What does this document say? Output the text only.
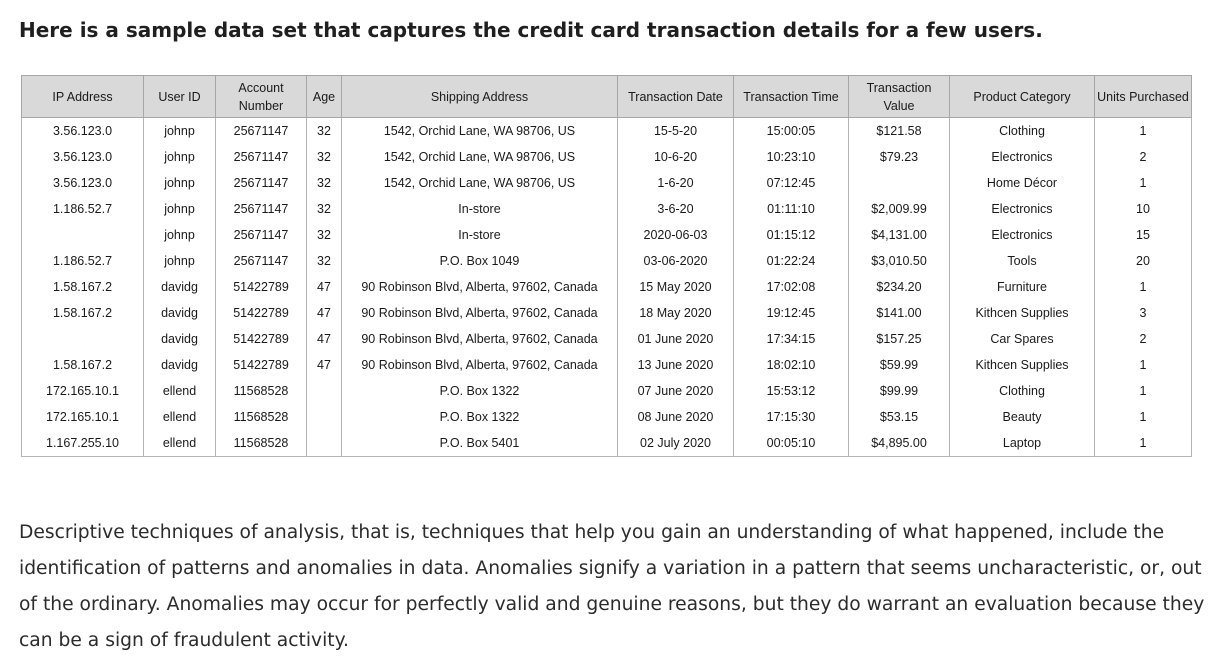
Here is a sample data set that captures the credit card transaction details for a few users.
IP Address	User ID	Account Number	Age	Shipping Address	Transaction Date	Transaction Time	Transaction Value	Product Category	Units Purchased
3.56.123.0	johnp	25671147	32	1542, Orchid Lane, WA 98706, US	15-5-20	15:00:05	$121.58	Clothing	1
3.56.123.0	johnp	25671147	32	1542, Orchid Lane, WA 98706, US	10-6-20	10:23:10	$79.23	Electronics	2
3.56.123.0	johnp	25671147	32	1542, Orchid Lane, WA 98706, US	1-6-20	07:12:45		Home Décor	1
1.186.52.7	johnp	25671147	32	In-store	3-6-20	01:11:10	$2,009.99	Electronics	10
	johnp	25671147	32	In-store	2020-06-03	01:15:12	$4,131.00	Electronics	15
1.186.52.7	johnp	25671147	32	P.O. Box 1049	03-06-2020	01:22:24	$3,010.50	Tools	20
1.58.167.2	davidg	51422789	47	90 Robinson Blvd, Alberta, 97602, Canada	15 May 2020	17:02:08	$234.20	Furniture	1
1.58.167.2	davidg	51422789	47	90 Robinson Blvd, Alberta, 97602, Canada	18 May 2020	19:12:45	$141.00	Kithcen Supplies	3
	davidg	51422789	47	90 Robinson Blvd, Alberta, 97602, Canada	01 June 2020	17:34:15	$157.25	Car Spares	2
1.58.167.2	davidg	51422789	47	90 Robinson Blvd, Alberta, 97602, Canada	13 June 2020	18:02:10	$59.99	Kithcen Supplies	1
172.165.10.1	ellend	11568528		P.O. Box 1322	07 June 2020	15:53:12	$99.99	Clothing	1
172.165.10.1	ellend	11568528		P.O. Box 1322	08 June 2020	17:15:30	$53.15	Beauty	1
1.167.255.10	ellend	11568528		P.O. Box 5401	02 July 2020	00:05:10	$4,895.00	Laptop	1

Descriptive techniques of analysis, that is, techniques that help you gain an understanding of what happened, include the identification of patterns and anomalies in data. Anomalies signify a variation in a pattern that seems uncharacteristic, or, out of the ordinary. Anomalies may occur for perfectly valid and genuine reasons, but they do warrant an evaluation because they can be a sign of fraudulent activity.
